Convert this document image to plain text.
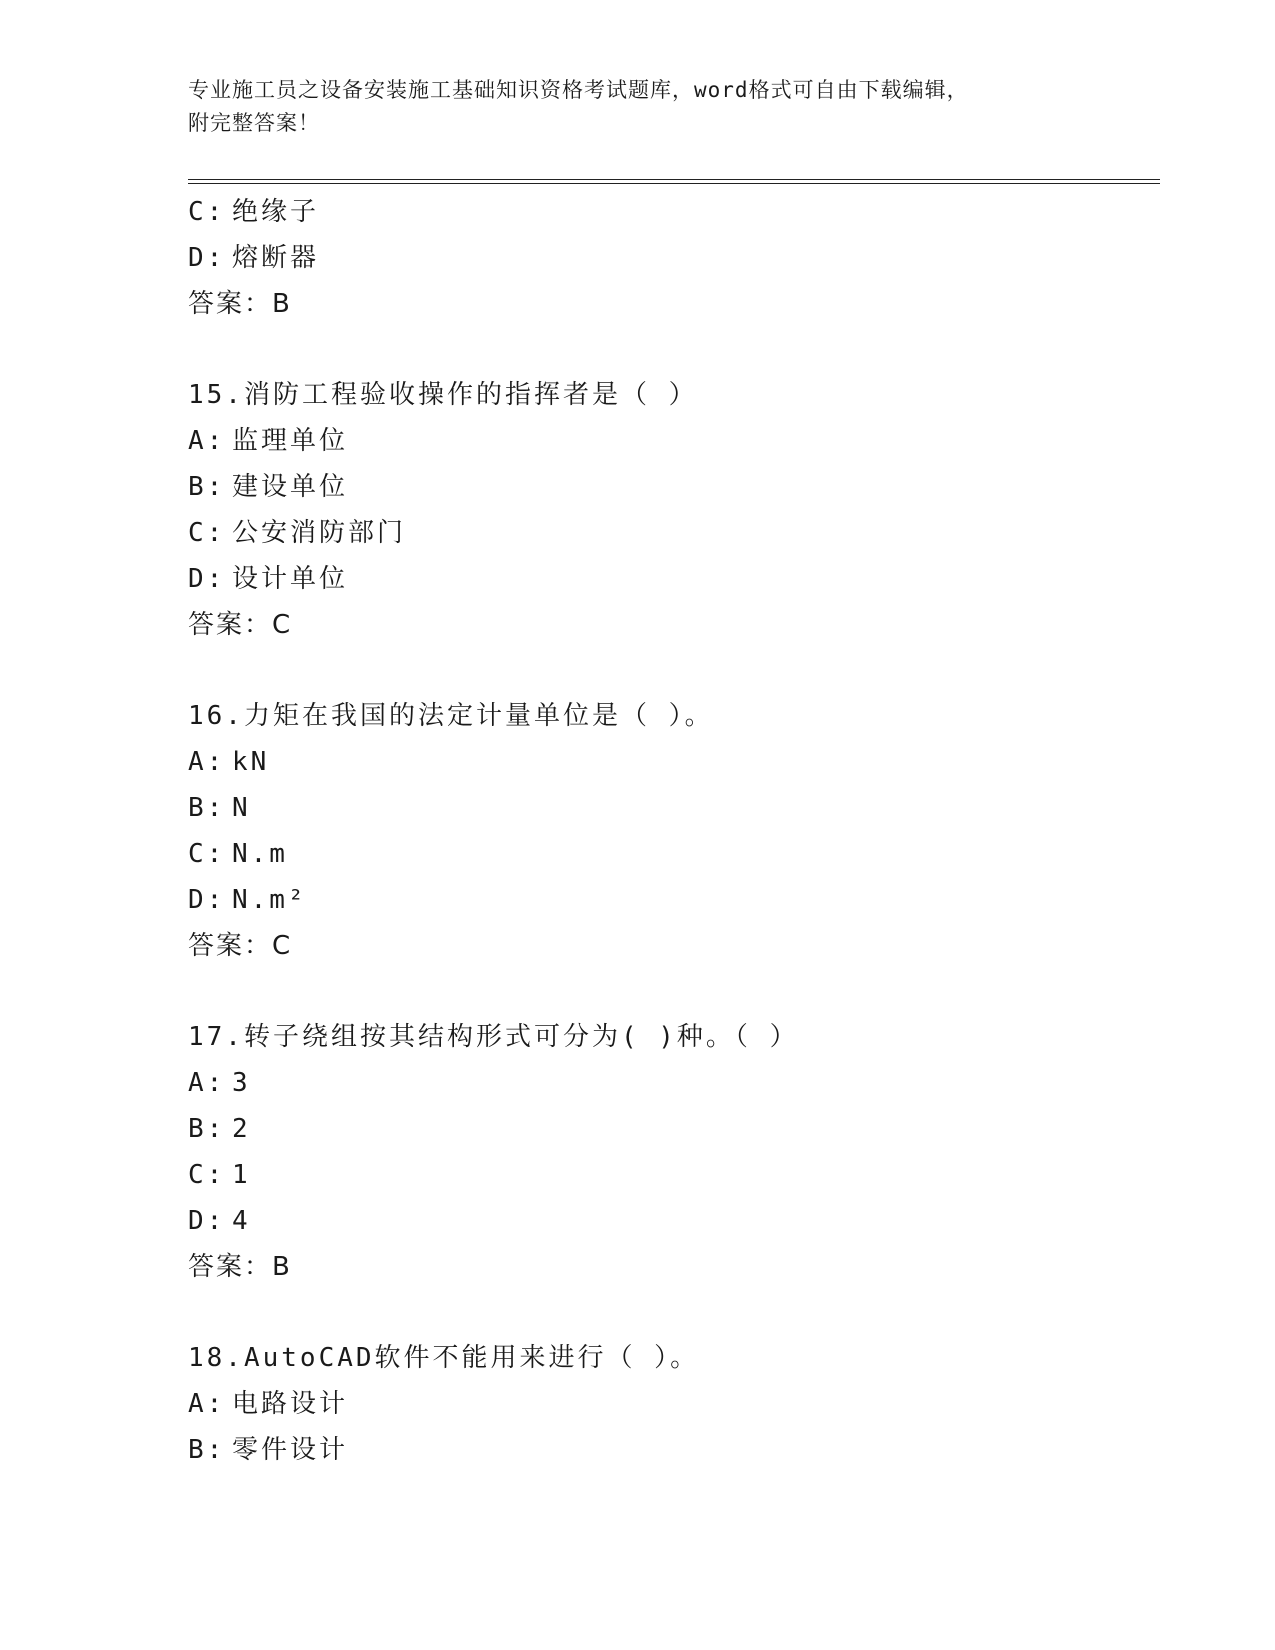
专业施工员之设备安装施工基础知识资格考试题库，word格式可自由下载编辑，
附完整答案！
C: 绝缘子
D: 熔断器
答案：B
15.消防工程验收操作的指挥者是（ ）
A: 监理单位
B: 建设单位
C: 公安消防部门
D: 设计单位
答案：C
16.力矩在我国的法定计量单位是（ ）。
A: kN
B: N
C: N.m
D: N.m²
答案：C
17.转子绕组按其结构形式可分为( )种。（ ）
A: 3
B: 2
C: 1
D: 4
答案：B
18.AutoCAD软件不能用来进行（ ）。
A: 电路设计
B: 零件设计
